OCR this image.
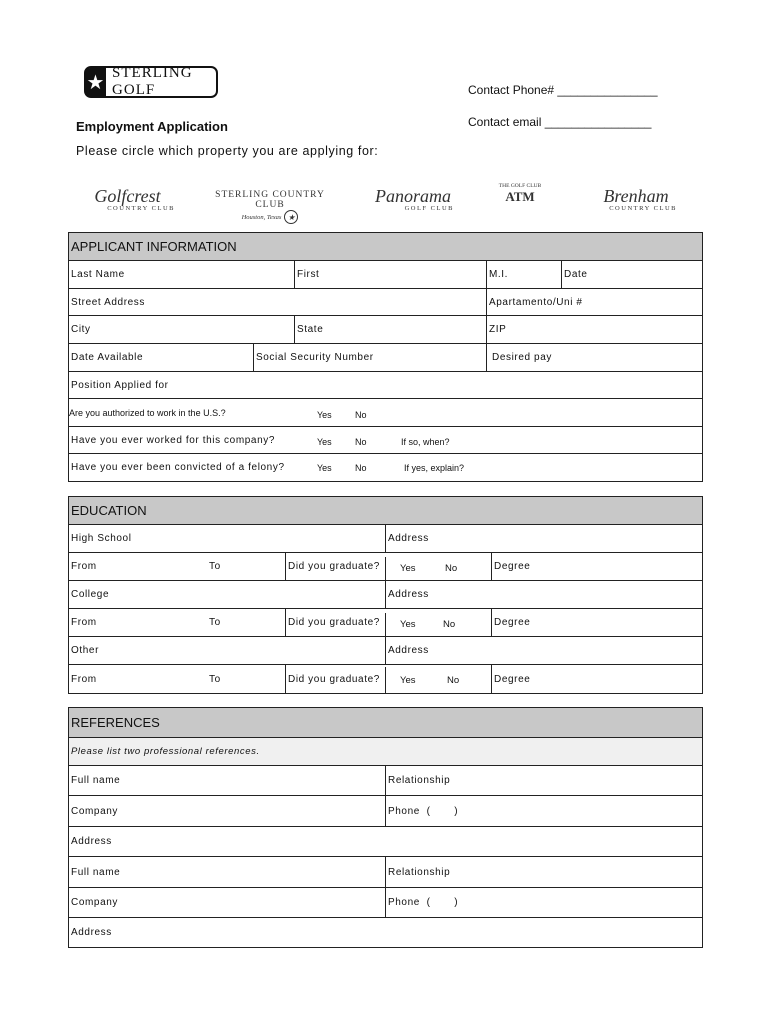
★ STERLING GOLF	Contact Phone# _______________
Contact email ________________
Employment Application
Please circle which property you are applying for:
Golfcrest
COUNTRY CLUB
STERLING COUNTRY CLUB
Houston, Texas ★
Panorama
GOLF CLUB
THE GOLF CLUB
ATM	Brenham
COUNTRY CLUB
APPLICANT INFORMATION
Last Name	First	M.I.	Date
Street Address	Apartamento/Uni #
City	State	ZIP
Date Available	Social Security Number	Desired pay
Position Applied for
Are you authorized to work in the U.S.?	Yes	No
Have you ever worked for this company?	Yes	No	If so, when?
Have you ever been convicted of a felony?	Yes	No	If yes, explain?
EDUCATION
High School	Address
From	To	Did you graduate?	Yes	No	Degree
College	Address
From	To	Did you graduate?	Yes	No	Degree
Other	Address
From	To	Did you graduate?	Yes	No	Degree
REFERENCES
Please list two professional references.
Full name	Relationship
Company	Phone  (       )
Address
Full name	Relationship
Company	Phone  (       )
Address
